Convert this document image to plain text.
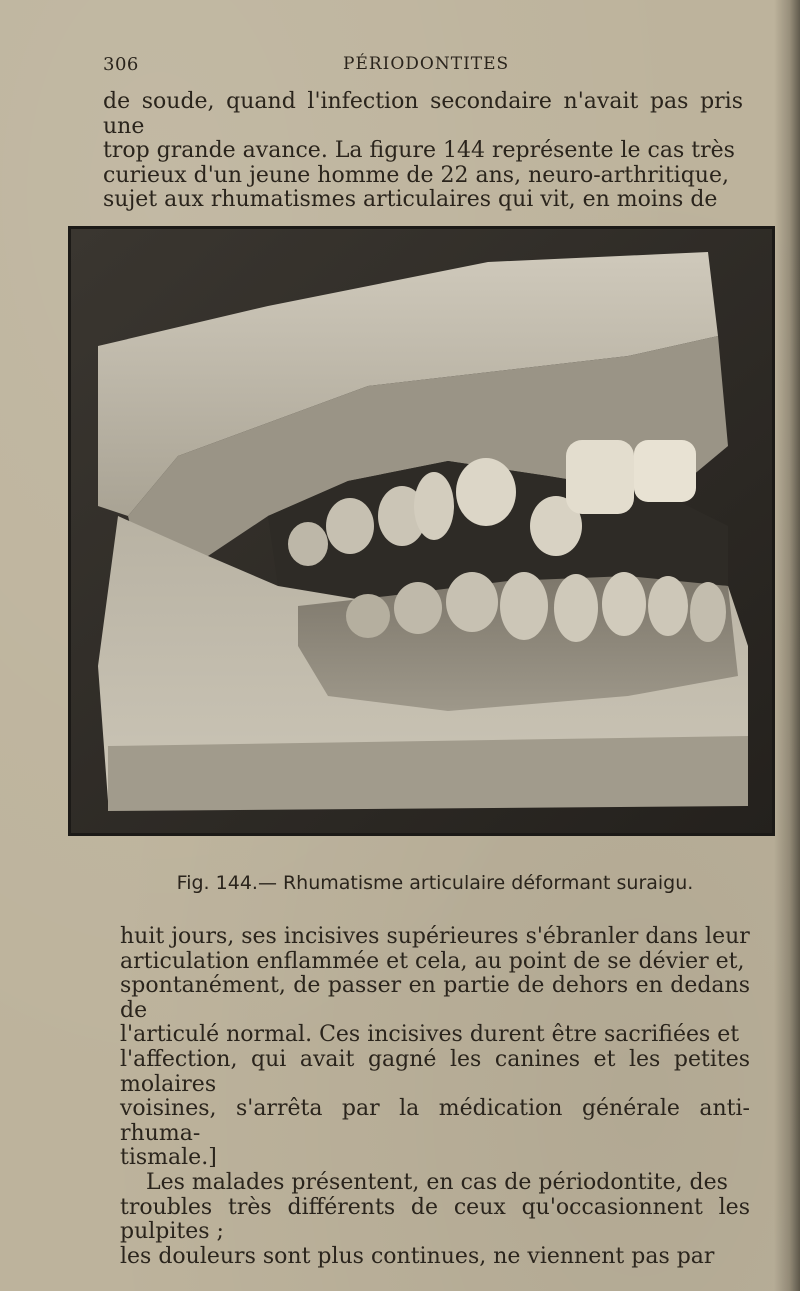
306	PÉRIODONTITES

de soude, quand l'infection secondaire n'avait pas pris une

trop grande avance. La figure 144 représente le cas très

curieux d'un jeune homme de 22 ans, neuro-arthritique,

sujet aux rhumatismes articulaires qui vit, en moins de

Fig. 144.— Rhumatisme articulaire déformant suraigu.

huit jours, ses incisives supérieures s'ébranler dans leur

articulation enflammée et cela, au point de se dévier et,

spontanément, de passer en partie de dehors en dedans de

l'articulé normal. Ces incisives durent être sacrifiées et

l'affection, qui avait gagné les canines et les petites molaires

voisines, s'arrêta par la médication générale anti-rhuma-

tismale.]

Les malades présentent, en cas de périodontite, des

troubles très différents de ceux qu'occasionnent les pulpites ;

les douleurs sont plus continues, ne viennent pas par
